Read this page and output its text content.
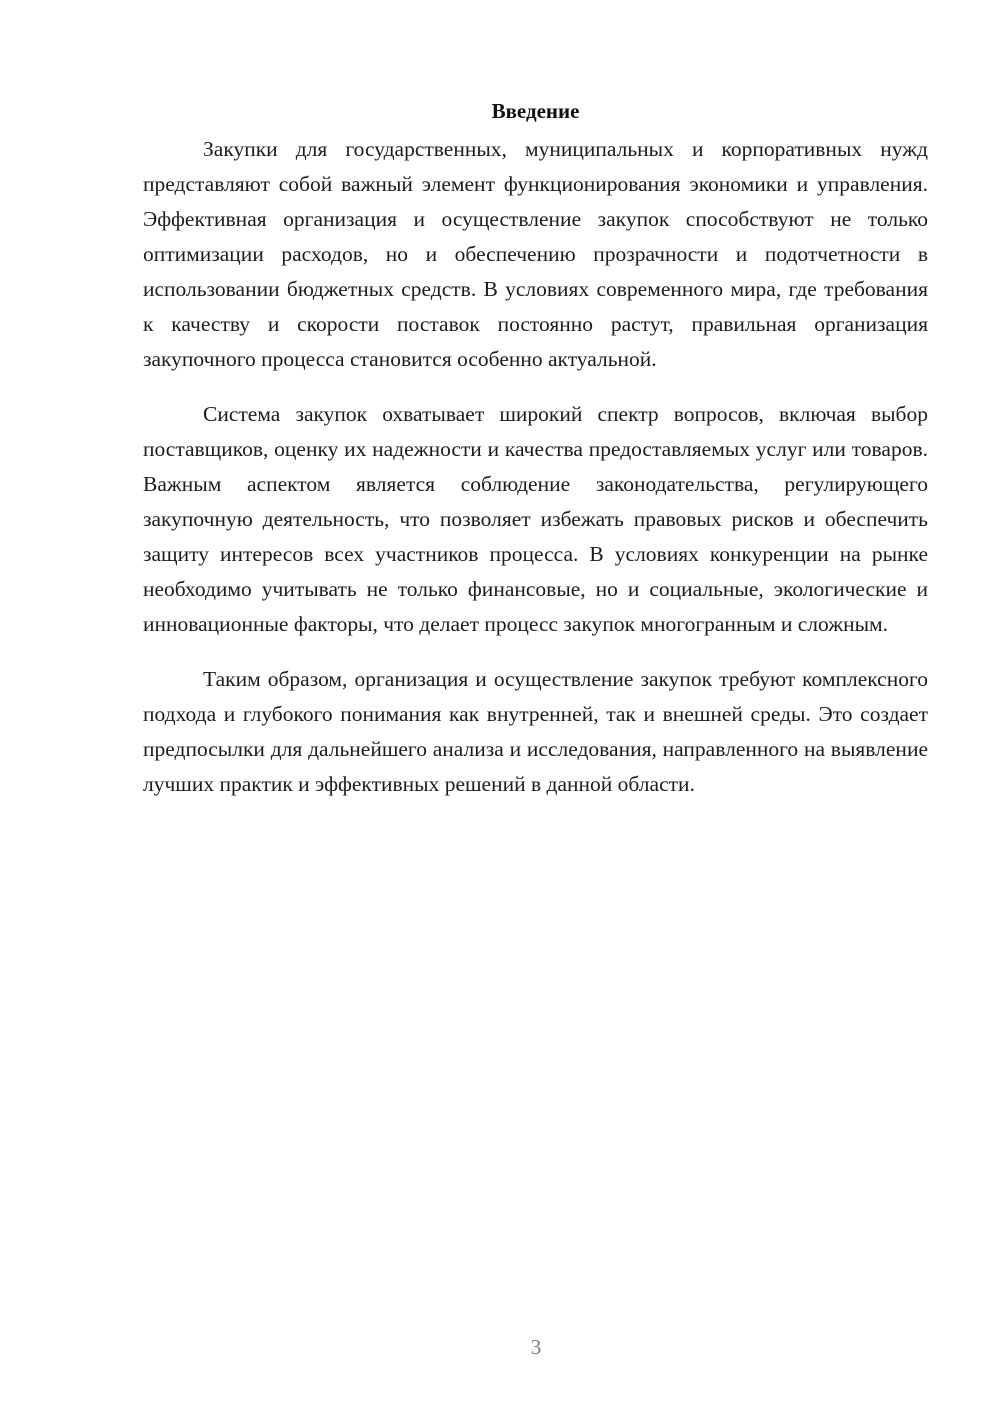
Введение

Закупки для государственных, муниципальных и корпоративных нужд представляют собой важный элемент функционирования экономики и управления. Эффективная организация и осуществление закупок способствуют не только оптимизации расходов, но и обеспечению прозрачности и подотчетности в использовании бюджетных средств. В условиях современного мира, где требования к качеству и скорости поставок постоянно растут, правильная организация закупочного процесса становится особенно актуальной.

Система закупок охватывает широкий спектр вопросов, включая выбор поставщиков, оценку их надежности и качества предоставляемых услуг или товаров. Важным аспектом является соблюдение законодательства, регулирующего закупочную деятельность, что позволяет избежать правовых рисков и обеспечить защиту интересов всех участников процесса. В условиях конкуренции на рынке необходимо учитывать не только финансовые, но и социальные, экологические и инновационные факторы, что делает процесс закупок многогранным и сложным.

Таким образом, организация и осуществление закупок требуют комплексного подхода и глубокого понимания как внутренней, так и внешней среды. Это создает предпосылки для дальнейшего анализа и исследования, направленного на выявление лучших практик и эффективных решений в данной области.

3
